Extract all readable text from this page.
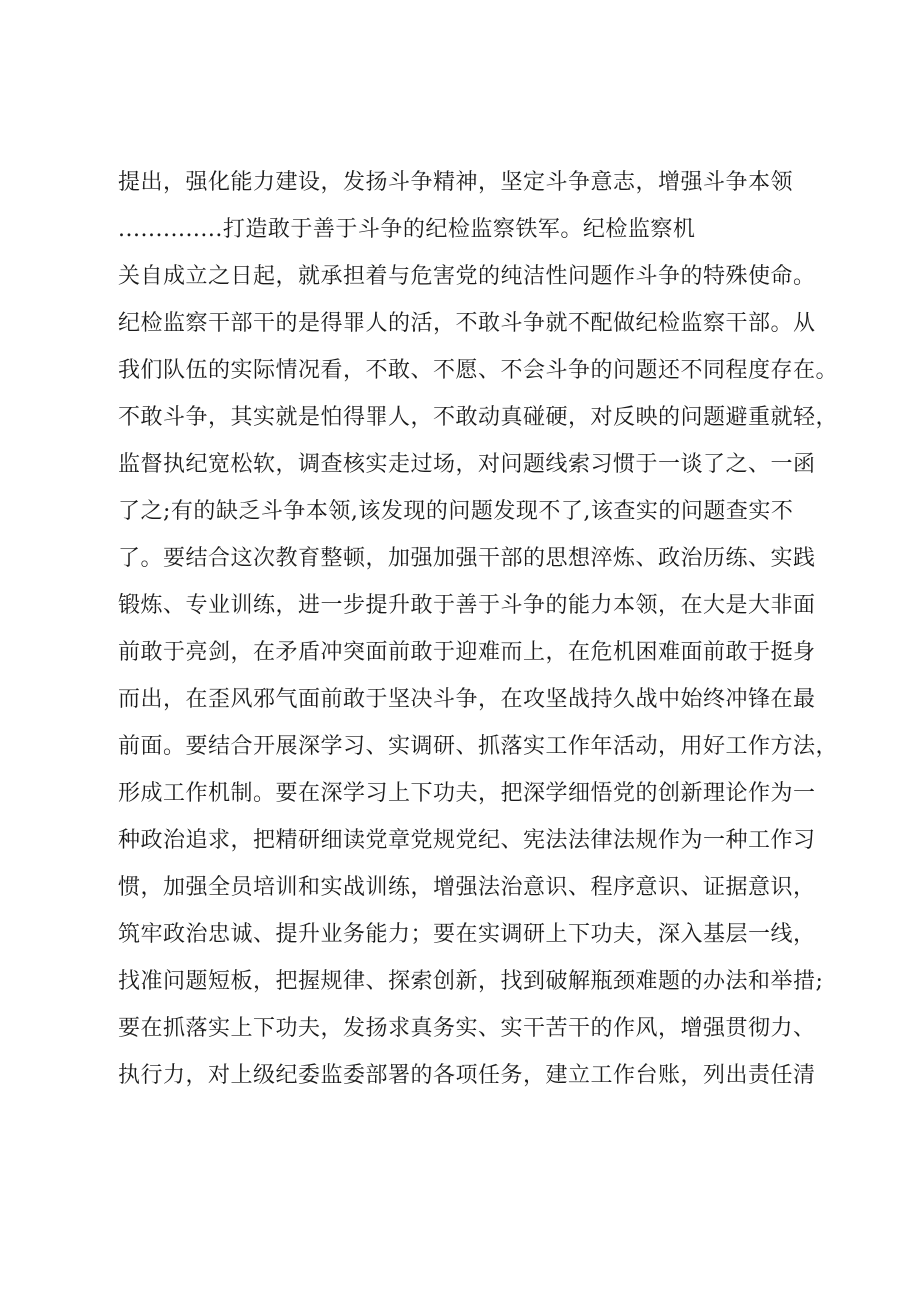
提出，强化能力建设，发扬斗争精神，坚定斗争意志，增强斗争本领
..............打造敢于善于斗争的纪检监察铁军。纪检监察机
关自成立之日起，就承担着与危害党的纯洁性问题作斗争的特殊使命。
纪检监察干部干的是得罪人的活，不敢斗争就不配做纪检监察干部。从
我们队伍的实际情况看，不敢、不愿、不会斗争的问题还不同程度存在。
不敢斗争，其实就是怕得罪人，不敢动真碰硬，对反映的问题避重就轻，
监督执纪宽松软，调查核实走过场，对问题线索习惯于一谈了之、一函
了之;有的缺乏斗争本领,该发现的问题发现不了,该查实的问题查实不
了。要结合这次教育整顿，加强加强干部的思想淬炼、政治历练、实践
锻炼、专业训练，进一步提升敢于善于斗争的能力本领，在大是大非面
前敢于亮剑，在矛盾冲突面前敢于迎难而上，在危机困难面前敢于挺身
而出，在歪风邪气面前敢于坚决斗争，在攻坚战持久战中始终冲锋在最
前面。要结合开展深学习、实调研、抓落实工作年活动，用好工作方法，
形成工作机制。要在深学习上下功夫，把深学细悟党的创新理论作为一
种政治追求，把精研细读党章党规党纪、宪法法律法规作为一种工作习
惯，加强全员培训和实战训练，增强法治意识、程序意识、证据意识，
筑牢政治忠诚、提升业务能力；要在实调研上下功夫，深入基层一线，
找准问题短板，把握规律、探索创新，找到破解瓶颈难题的办法和举措;
要在抓落实上下功夫，发扬求真务实、实干苦干的作风，增强贯彻力、
执行力，对上级纪委监委部署的各项任务，建立工作台账，列出责任清
